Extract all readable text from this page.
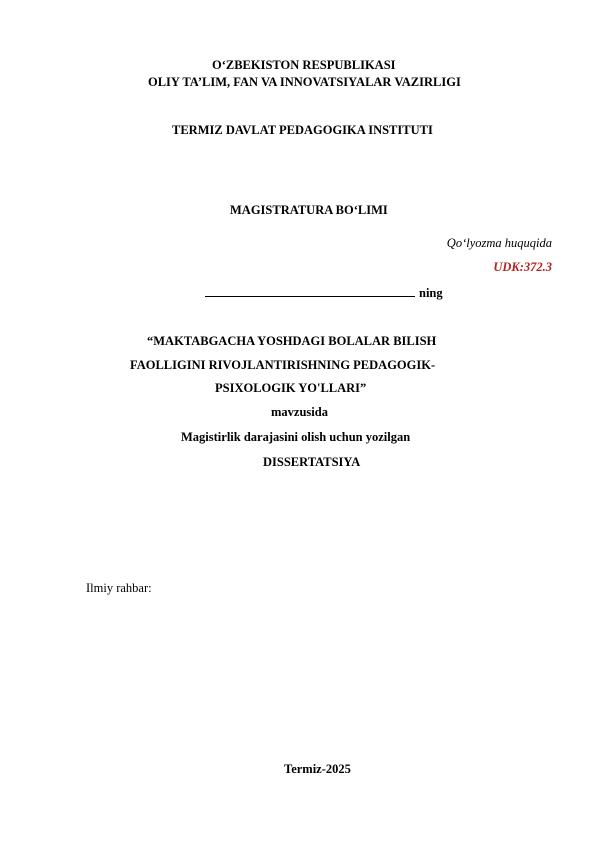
O‘ZBEKISTON RESPUBLIKASI
OLIY TA’LIM, FAN VA INNOVATSIYALAR VAZIRLIGI
TERMIZ DAVLAT PEDAGOGIKA INSTITUTI
MAGISTRATURA BO‘LIMI
Qo‘lyozma huquqida
UDK:372.3
ning
“MAKTABGACHA YOSHDAGI BOLALAR BILISH
FAOLLIGINI RIVOJLANTIRISHNING PEDAGOGIK-
PSIXOLOGIK YO'LLARI”
mavzusida
Magistirlik darajasini olish uchun yozilgan
DISSERTATSIYA
Ilmiy rahbar:
Termiz-2025
